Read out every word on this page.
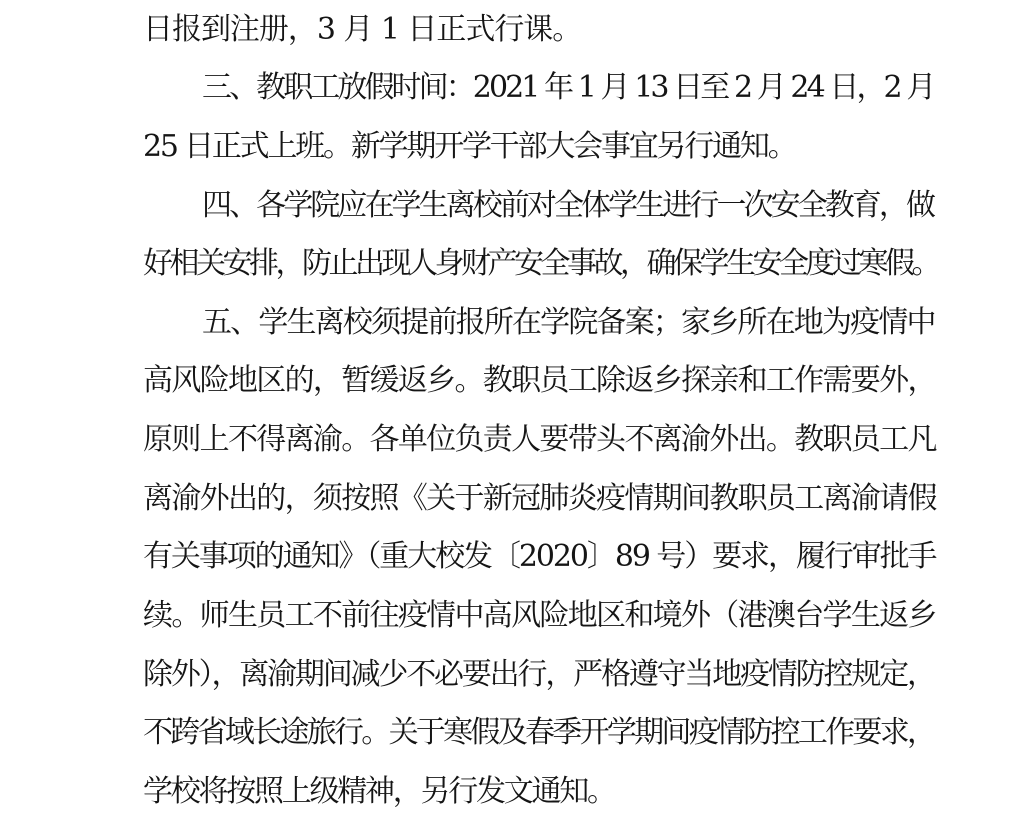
日报到注册，3 月 1 日正式行课。
三、教职工放假时间：2021 年 1 月 13 日至 2 月 24 日，2 月
25 日正式上班。新学期开学干部大会事宜另行通知。
四、各学院应在学生离校前对全体学生进行一次安全教育，做
好相关安排，防止出现人身财产安全事故，确保学生安全度过寒假。
五、学生离校须提前报所在学院备案；家乡所在地为疫情中
高风险地区的，暂缓返乡。教职员工除返乡探亲和工作需要外，
原则上不得离渝。各单位负责人要带头不离渝外出。教职员工凡
离渝外出的，须按照《关于新冠肺炎疫情期间教职员工离渝请假
有关事项的通知》（重大校发〔2020〕89 号）要求，履行审批手
续。师生员工不前往疫情中高风险地区和境外（港澳台学生返乡
除外），离渝期间减少不必要出行，严格遵守当地疫情防控规定，
不跨省域长途旅行。关于寒假及春季开学期间疫情防控工作要求，
学校将按照上级精神，另行发文通知。
